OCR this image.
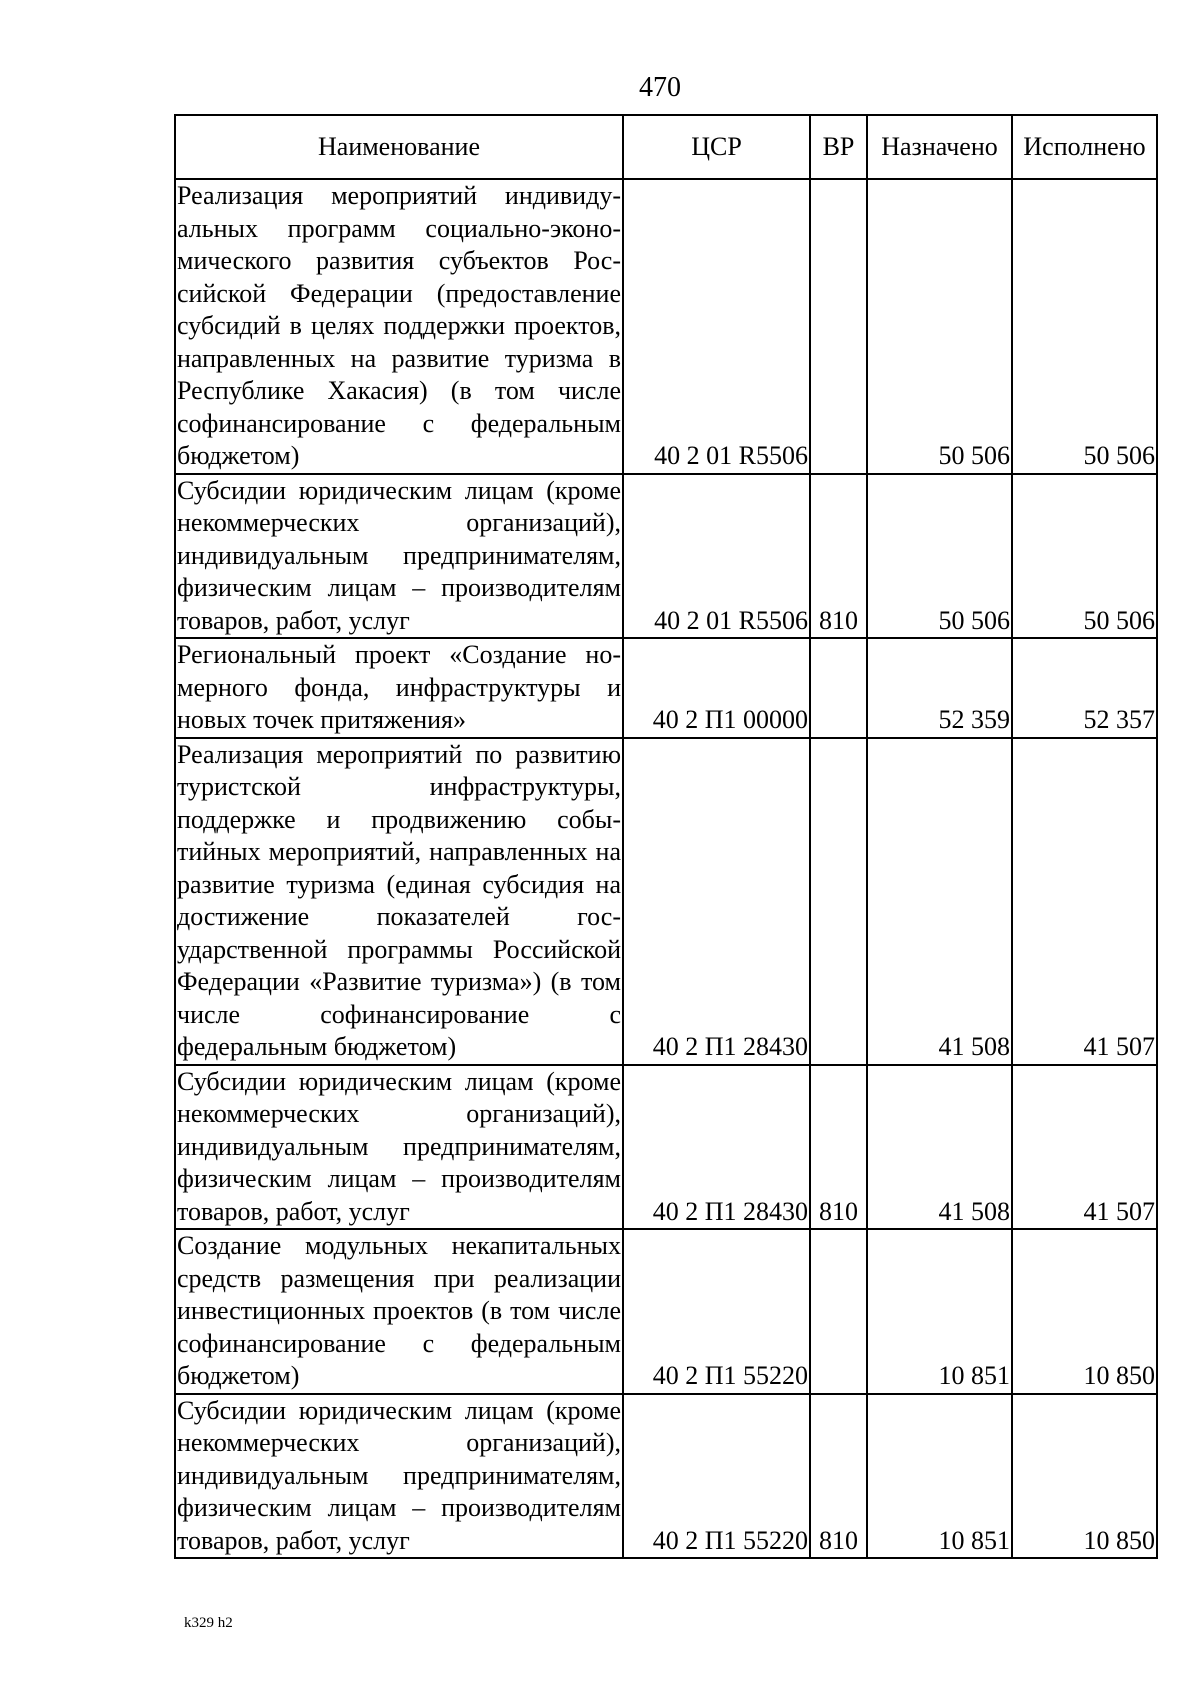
470
Наименование	ЦСР	ВР	Назначено	Исполнено
Реализация мероприятий индивидуальных программ социально-экономического развития субъектов Российской Федерации (предоставление субсидий в целях поддержки проектов, направленных на развитие туризма в Республике Хакасия) (в том числе софинансирование с федеральным бюджетом)	40 2 01 R5506		50 506	50 506
Субсидии юридическим лицам (кроме некоммерческих организаций), индивидуальным предпринимателям, физическим лицам – производителям товаров, работ, услуг	40 2 01 R5506	810	50 506	50 506
Региональный проект «Создание номерного фонда, инфраструктуры и новых точек притяжения»	40 2 П1 00000		52 359	52 357
Реализация мероприятий по развитию туристской инфраструктуры, поддержке и продвижению событийных мероприятий, направленных на развитие туризма (единая субсидия на достижение показателей государственной программы Российской Федерации «Развитие туризма») (в том числе софинансирование с федеральным бюджетом)	40 2 П1 28430		41 508	41 507
Субсидии юридическим лицам (кроме некоммерческих организаций), индивидуальным предпринимателям, физическим лицам – производителям товаров, работ, услуг	40 2 П1 28430	810	41 508	41 507
Создание модульных некапитальных средств размещения при реализации инвестиционных проектов (в том числе софинансирование с федеральным бюджетом)	40 2 П1 55220		10 851	10 850
Субсидии юридическим лицам (кроме некоммерческих организаций), индивидуальным предпринимателям, физическим лицам – производителям товаров, работ, услуг	40 2 П1 55220	810	10 851	10 850
k329 h2
